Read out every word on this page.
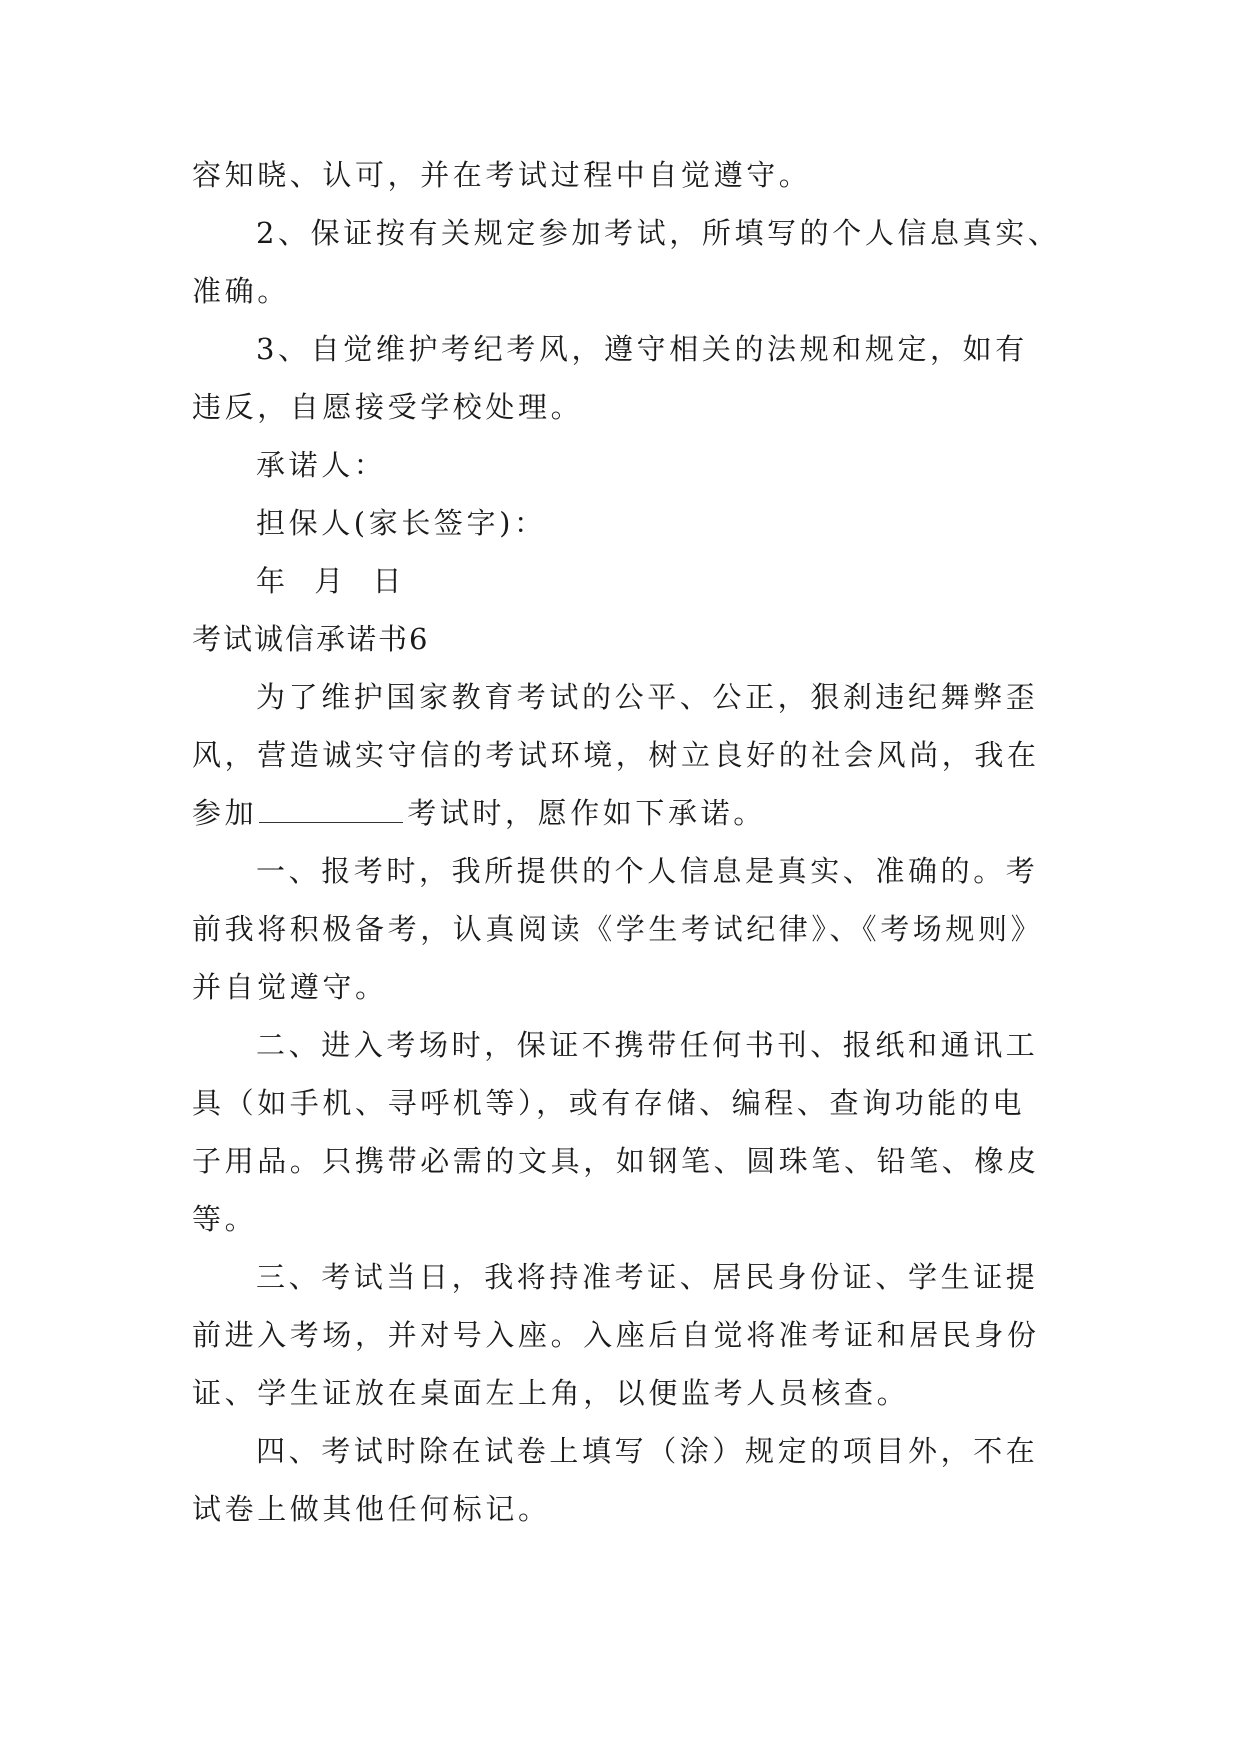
容知晓、认可，并在考试过程中自觉遵守。
2、保证按有关规定参加考试，所填写的个人信息真实、
准确。
3、自觉维护考纪考风，遵守相关的法规和规定，如有
违反，自愿接受学校处理。
承诺人：
担保人(家长签字)：
年  月  日
考试诚信承诺书6
为了维护国家教育考试的公平、公正，狠刹违纪舞弊歪
风，营造诚实守信的考试环境，树立良好的社会风尚，我在
参加	考试时，愿作如下承诺。
一、报考时，我所提供的个人信息是真实、准确的。考
前我将积极备考，认真阅读《学生考试纪律》、《考场规则》
并自觉遵守。
二、进入考场时，保证不携带任何书刊、报纸和通讯工
具（如手机、寻呼机等），或有存储、编程、查询功能的电
子用品。只携带必需的文具，如钢笔、圆珠笔、铅笔、橡皮
等。
三、考试当日，我将持准考证、居民身份证、学生证提
前进入考场，并对号入座。入座后自觉将准考证和居民身份
证、学生证放在桌面左上角，以便监考人员核查。
四、考试时除在试卷上填写（涂）规定的项目外，不在
试卷上做其他任何标记。
